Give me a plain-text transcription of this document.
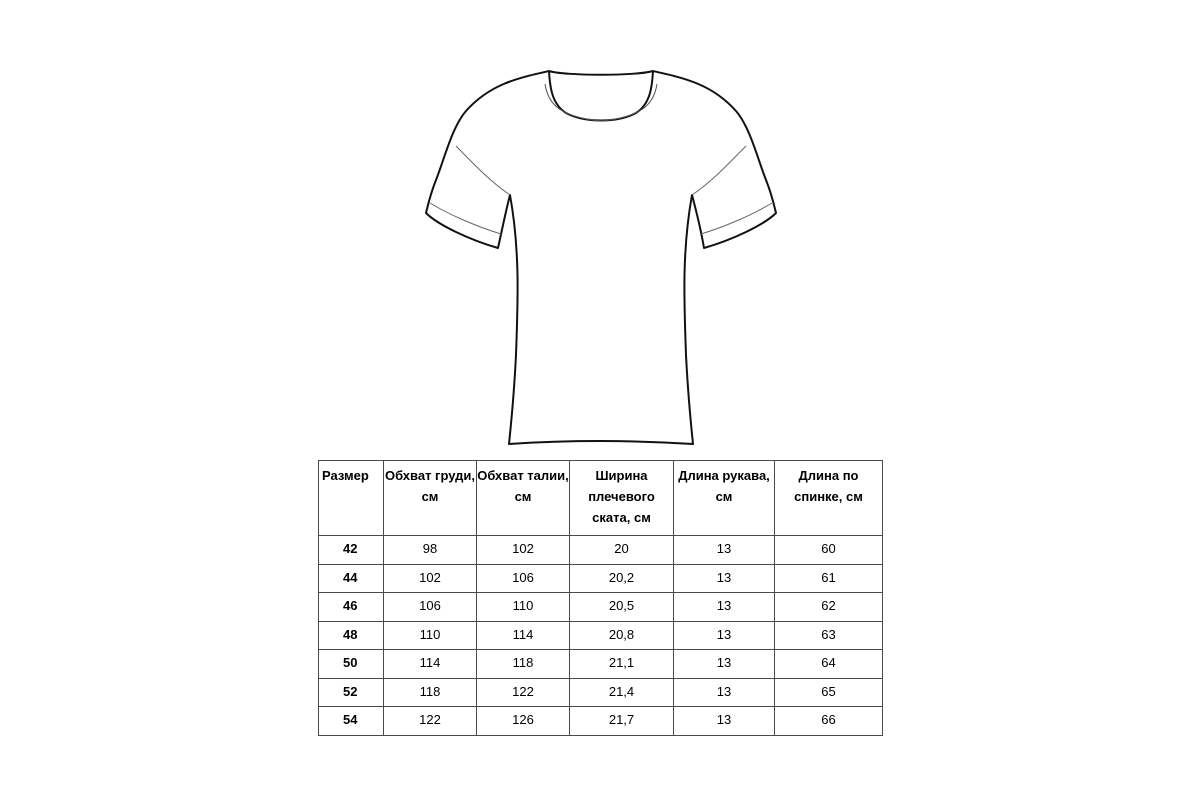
Размер	Обхват груди, см	Обхват талии, см	Ширина плечевого ската, см	Длина рукава, см	Длина по спинке, см
42	98	102	20	13	60
44	102	106	20,2	13	61
46	106	110	20,5	13	62
48	110	114	20,8	13	63
50	114	118	21,1	13	64
52	118	122	21,4	13	65
54	122	126	21,7	13	66
